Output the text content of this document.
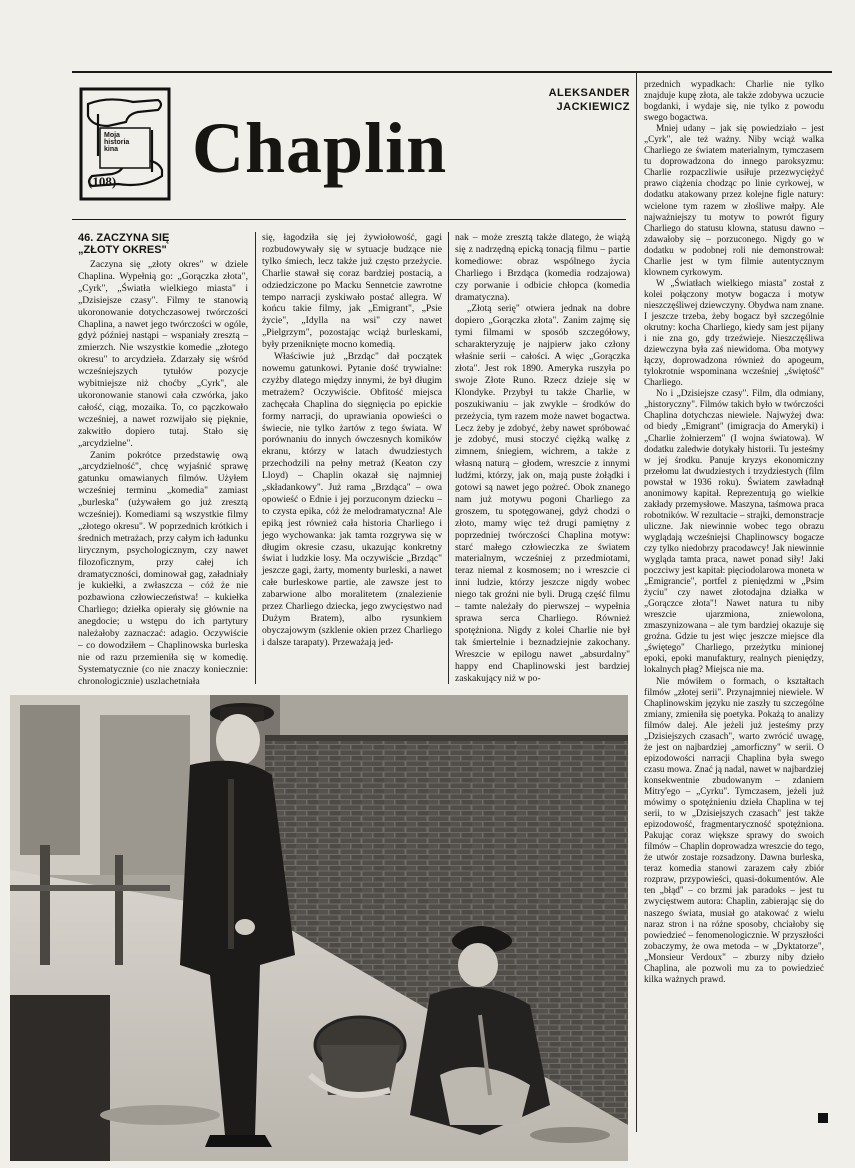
Moja
historia
kina
(108) Chaplin
ALEKSANDER
JACKIEWICZ
46. ZACZYNA SIĘ
„ZŁOTY OKRES"

Zaczyna się „złoty okres" w dziele Chaplina. Wypełnią go: „Gorączka złota", „Cyrk", „Światła wielkiego miasta" i „Dzisiejsze czasy". Filmy te stanowią ukoronowanie dotychczasowej twórczości Chaplina, a nawet jego twórczości w ogóle, gdyż później nastąpi – wspaniały zresztą – zmierzch. Nie wszystkie komedie „złotego okresu" to arcydzieła. Zdarzały się wśród wcześniejszych tytułów pozycje wybitniejsze niż choćby „Cyrk", ale ukoronowanie stanowi cała czwórka, jako całość, ciąg, mozaika. To, co pączkowało wcześniej, a nawet rozwijało się pięknie, zakwitło dopiero tutaj. Stało się „arcydzielne".

Zanim pokrótce przedstawię ową „arcydzielność", chcę wyjaśnić sprawę gatunku omawianych filmów. Użyłem wcześniej terminu „komedia" zamiast „burleska" (używałem go już zresztą wcześniej). Komediami są wszystkie filmy „złotego okresu". W poprzednich krótkich i średnich metrażach, przy całym ich ładunku lirycznym, psychologicznym, czy nawet filozoficznym, przy całej ich dramatyczności, dominował gag, załadniały je kukiełki, a zwłaszcza – cóż że nie pozbawiona człowieczeństwa! – kukiełka Charliego; dziełka opierały się głównie na anegdocie; u wstępu do ich partytury należałoby zaznaczać: adagio. Oczywiście – co dowodziłem – Chaplinowska burleska nie od razu przemieniła się w komedię. Systematycznie (co nie znaczy koniecznie: chronologicznie) uszlachetniała

się, łagodziła się jej żywiołowość, gagi rozbudowywały się w sytuacje budzące nie tylko śmiech, lecz także już często przeżycie. Charlie stawał się coraz bardziej postacią, a odziedziczone po Macku Sennetcie zawrotne tempo narracji zyskiwało postać allegra. W końcu takie filmy, jak „Emigrant", „Psie życie", „Idylla na wsi" czy nawet „Pielgrzym", pozostając wciąż burleskami, były przeniknięte mocno komedią.

Właściwie już „Brzdąc" dał początek nowemu gatunkowi. Pytanie dość trywialne: czyżby dlatego między innymi, że był długim metrażem? Oczywiście. Obfitość miejsca zachęcała Chaplina do sięgnięcia po epickie formy narracji, do uprawiania opowieści o świecie, nie tylko żartów z tego świata. W porównaniu do innych ówczesnych komików ekranu, którzy w latach dwudziestych przechodzili na pełny metraż (Keaton czy Lloyd) – Chaplin okazał się najmniej „składankowy". Już rama „Brzdąca" – owa opowieść o Ednie i jej porzuconym dziecku – to czysta epika, cóż że melodramatyczna! Ale epiką jest również cała historia Charliego i jego wychowanka: jak tamta rozgrywa się w długim okresie czasu, ukazując konkretny świat i ludzkie losy. Ma oczywiście „Brzdąc" jeszcze gagi, żarty, momenty burleski, a nawet całe burleskowe partie, ale zawsze jest to zabarwione albo moralitetem (znalezienie przez Charliego dziecka, jego zwycięstwo nad Dużym Bratem), albo rysunkiem obyczajowym (szklenie okien przez Charliego i dalsze tarapaty). Przeważają jed-

nak – może zresztą także dlatego, że wiążą się z nadrzędną epicką tonacją filmu – partie komediowe: obraz wspólnego życia Charliego i Brzdąca (komedia rodzajowa) czy porwanie i odbicie chłopca (komedia dramatyczna).

„Złotą serię" otwiera jednak na dobre dopiero „Gorączka złota". Zanim zajmę się tymi filmami w sposób szczegółowy, scharakteryzuję je najpierw jako człony właśnie serii – całości. A więc „Gorączka złota". Jest rok 1890. Ameryka ruszyła po swoje Złote Runo. Rzecz dzieje się w Klondyke. Przybył tu także Charlie, w poszukiwaniu – jak zwykle – środków do przeżycia, tym razem może nawet bogactwa. Lecz żeby je zdobyć, żeby nawet spróbować je zdobyć, musi stoczyć ciężką walkę z zimnem, śniegiem, wichrem, a także z własną naturą – głodem, wreszcie z innymi ludźmi, którzy, jak on, mają puste żołądki i gotowi są nawet jego pożreć. Obok znanego nam już motywu pogoni Charliego za groszem, tu spotęgowanej, gdyż chodzi o złoto, mamy więc też drugi pamiętny z poprzedniej twórczości Chaplina motyw: starć małego człowieczka ze światem materialnym, wcześniej z przedmiotami, teraz niemal z kosmosem; no i wreszcie ci inni ludzie, którzy jeszcze nigdy wobec niego tak groźni nie byli. Drugą część filmu – tamte należały do pierwszej – wypełnia sprawa serca Charliego. Również spotężniona. Nigdy z kolei Charlie nie był tak śmiertelnie i beznadziejnie zakochany. Wreszcie w epilogu nawet „absurdalny" happy end Chaplinowski jest bardziej zaskakujący niż w po-

przednich wypadkach: Charlie nie tylko znajduje kupę złota, ale także zdobywa uczucie bogdanki, i wydaje się, nie tylko z powodu swego bogactwa.

Mniej udany – jak się powiedziało – jest „Cyrk", ale też ważny. Niby wciąż walka Charliego ze światem materialnym, tymczasem tu doprowadzona do innego paroksyzmu: Charlie rozpaczliwie usiłuje przezwyciężyć prawo ciążenia chodząc po linie cyrkowej, w dodatku atakowany przez kolejne figle natury: wcielone tym razem w złośliwe małpy. Ale najważniejszy tu motyw to powrót figury Charliego do statusu klowna, statusu dawno – zdawałoby się – porzuconego. Nigdy go w dodatku w podobnej roli nie demonstrował: Charlie jest w tym filmie autentycznym klownem cyrkowym.

W „Światłach wielkiego miasta" został z kolei połączony motyw bogacza i motyw nieszczęśliwej dziewczyny. Obydwa nam znane. I jeszcze trzeba, żeby bogacz był szczególnie okrutny: kocha Charliego, kiedy sam jest pijany i nie zna go, gdy trzeźwieje. Nieszczęśliwa dziewczyna była zaś niewidoma. Oba motywy łączy, doprowadzona również do apogeum, tylokrotnie wspominana wcześniej „świętość" Charliego.

No i „Dzisiejsze czasy". Film, dla odmiany, „historyczny". Filmów takich było w twórczości Chaplina dotychczas niewiele. Najwyżej dwa: od biedy „Emigrant" (imigracja do Ameryki) i „Charlie żołnierzem" (I wojna światowa). W dodatku zaledwie dotykały historii. Tu jesteśmy w jej środku. Panuje kryzys ekonomiczny przełomu lat dwudziestych i trzydziestych (film powstał w 1936 roku). Światem zawładnął anonimowy kapitał. Reprezentują go wielkie zakłady przemysłowe. Maszyna, taśmowa praca robotników. W rezultacie – strajki, demonstracje uliczne. Jak niewinnie wobec tego obrazu wyglądają wcześniejsi Chaplinowscy bogacze czy tylko niedobrzy pracodawcy! Jak niewinnie wygląda tamta praca, nawet ponad siły! Jaki poczciwy jest kapitał: pięciodolarowa moneta w „Emigrancie", portfel z pieniędzmi w „Psim życiu" czy nawet złotodajna działka w „Gorączce złota"! Nawet natura tu niby wreszcie ujarzmiona, zniewolona, zmaszynizowana – ale tym bardziej okazuje się groźna. Gdzie tu jest więc jeszcze miejsce dla „świętego" Charliego, przeżytku minionej epoki, epoki manufaktury, realnych pieniędzy, lokalnych płag? Miejsca nie ma.

Nie mówiłem o formach, o kształtach filmów „złotej serii". Przynajmniej niewiele. W Chaplinowskim języku nie zaszły tu szczególne zmiany, zmieniła się poetyka. Pokażą to analizy filmów dalej. Ale jeżeli już jesteśmy przy „Dzisiejszych czasach", warto zwrócić uwagę, że jest on najbardziej „amorficzny" w serii. O epizodowości narracji Chaplina była swego czasu mowa. Znać ją nadal, nawet w najbardziej konsekwentnie zbudowanym – zdaniem Mitry'ego – „Cyrku". Tymczasem, jeżeli już mówimy o spotężnieniu dzieła Chaplina w tej serii, to w „Dzisiejszych czasach" jest także epizodowość, fragmentaryczność spotężniona. Pakując coraz większe sprawy do swoich filmów – Chaplin doprowadza wreszcie do tego, że utwór zostaje rozsadzony. Dawna burleska, teraz komedia stanowi zarazem cały zbiór rozpraw, przypowieści, quasi-dokumentów. Ale ten „błąd" – co brzmi jak paradoks – jest tu zwycięstwem autora: Chaplin, zabierając się do naszego świata, musiał go atakować z wielu naraz stron i na różne sposoby, chciałoby się powiedzieć – fenomenologicznie. W przyszłości zobaczymy, że owa metoda – w „Dyktatorze", „Monsieur Verdoux" – zburzy niby dzieło Chaplina, ale pozwoli mu za to powiedzieć kilka ważnych prawd.
